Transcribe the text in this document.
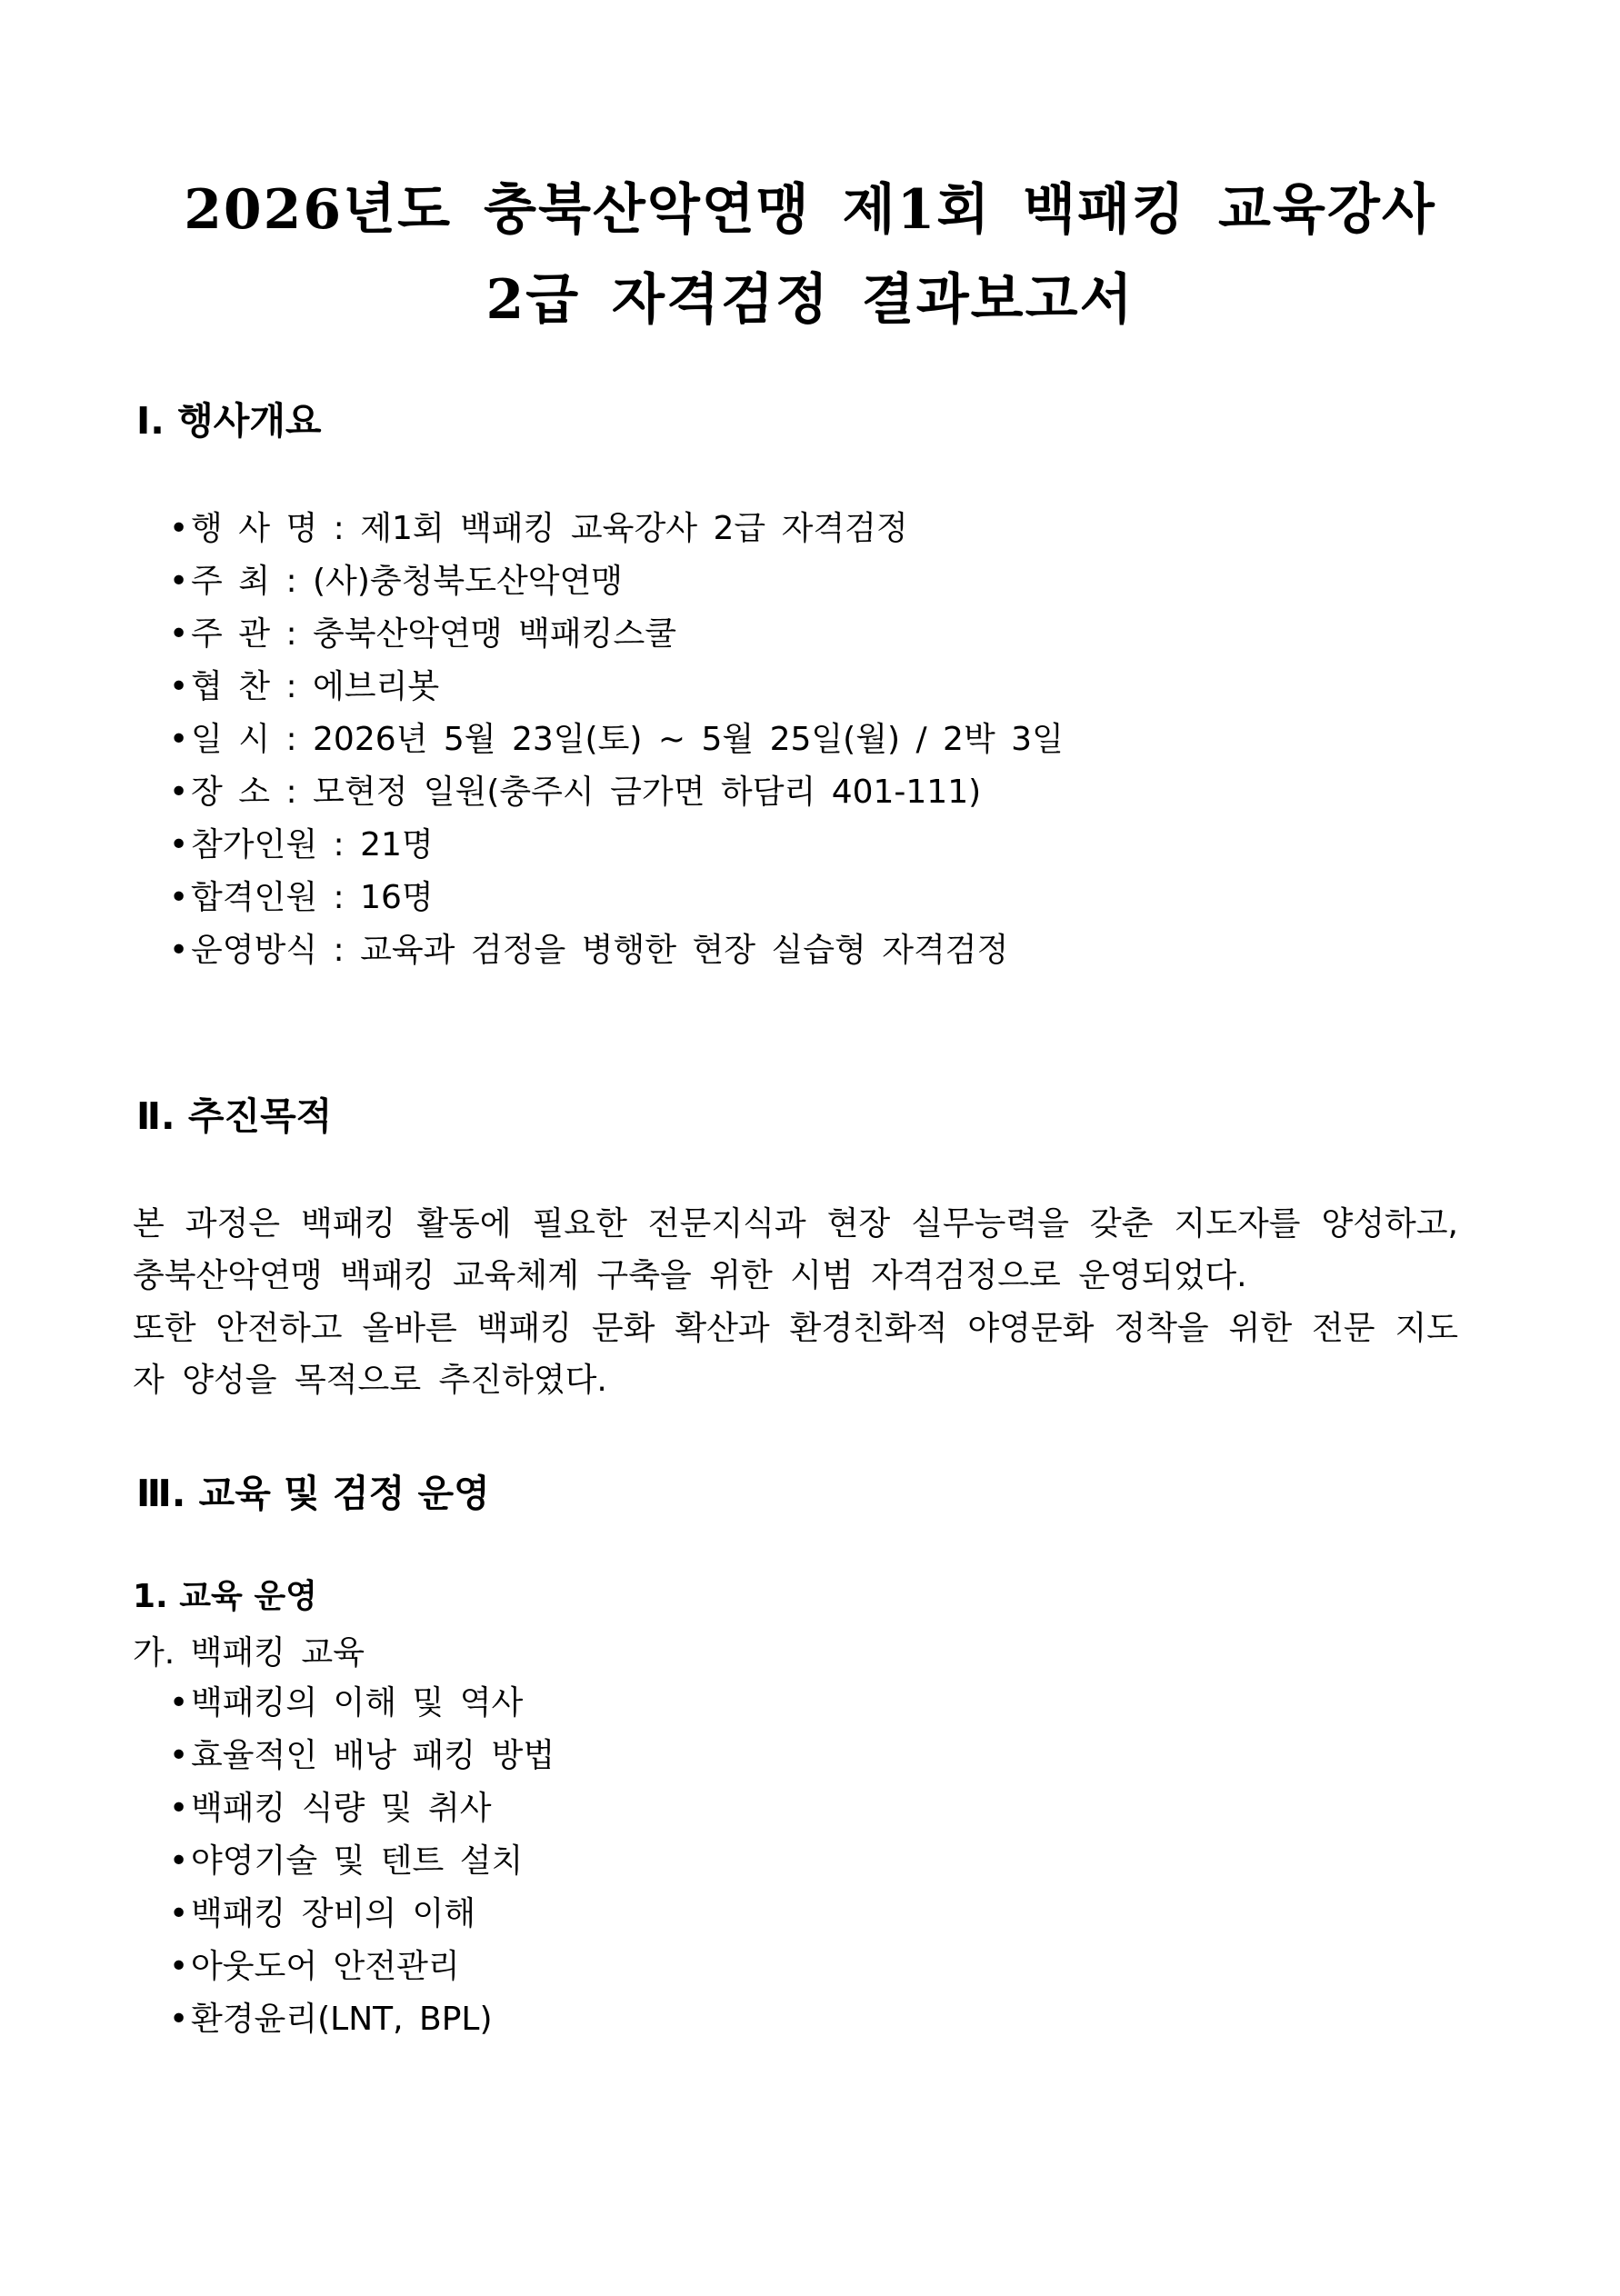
2026년도 충북산악연맹 제1회 백패킹 교육강사
2급 자격검정 결과보고서
Ⅰ. 행사개요
•행 사 명 : 제1회 백패킹 교육강사 2급 자격검정
•주 최 : (사)충청북도산악연맹
•주 관 : 충북산악연맹 백패킹스쿨
•협 찬 : 에브리봇
•일 시 : 2026년 5월 23일(토) ~ 5월 25일(월) / 2박 3일
•장 소 : 모현정 일원(충주시 금가면 하담리 401-111)
•참가인원 : 21명
•합격인원 : 16명
•운영방식 : 교육과 검정을 병행한 현장 실습형 자격검정
Ⅱ. 추진목적

본 과정은 백패킹 활동에 필요한 전문지식과 현장 실무능력을 갖춘 지도자를 양성하고, 충북산악연맹 백패킹 교육체계 구축을 위한 시범 자격검정으로 운영되었다.

또한 안전하고 올바른 백패킹 문화 확산과 환경친화적 야영문화 정착을 위한 전문 지도자 양성을 목적으로 추진하였다.

Ⅲ. 교육 및 검정 운영
1. 교육 운영
가. 백패킹 교육
•백패킹의 이해 및 역사
•효율적인 배낭 패킹 방법
•백패킹 식량 및 취사
•야영기술 및 텐트 설치
•백패킹 장비의 이해
•아웃도어 안전관리
•환경윤리(LNT, BPL)
